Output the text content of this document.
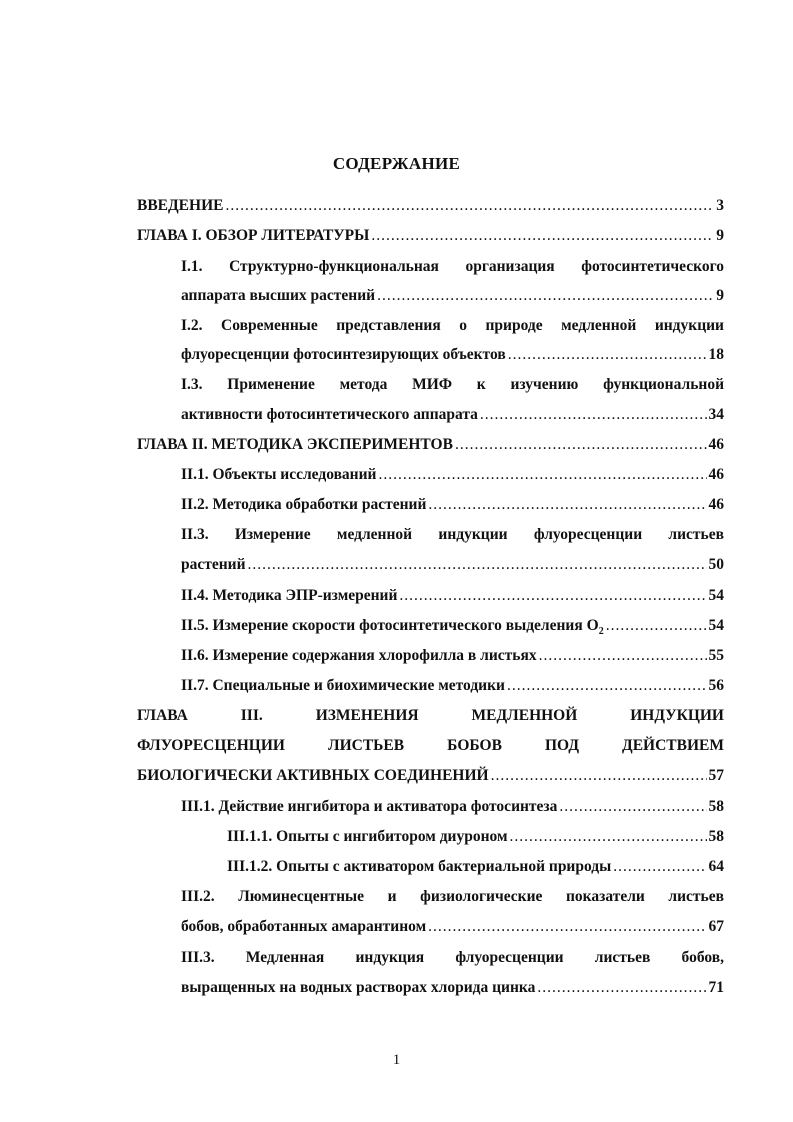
СОДЕРЖАНИЕ
ВВЕДЕНИЕ .....	3
ГЛАВА I. ОБЗОР ЛИТЕРАТУРЫ .....	9
I.1. Структурно-функциональная организация фотосинтетического
аппарата высших растений .....	9
I.2. Современные представления о природе медленной индукции
флуоресценции фотосинтезирующих объектов .....	18
I.3. Применение метода МИФ к изучению функциональной
активности фотосинтетического аппарата .....	34
ГЛАВА II. МЕТОДИКА ЭКСПЕРИМЕНТОВ .....	46
II.1. Объекты исследований .....	46
II.2. Методика обработки растений .....	46
II.3. Измерение медленной индукции флуоресценции листьев
растений .....	50
II.4. Методика ЭПР-измерений .....	54
II.5. Измерение скорости фотосинтетического выделения $O_2$ .....	54
II.6. Измерение содержания хлорофилла в листьях .....	55
II.7. Специальные и биохимические методики .....	56
ГЛАВА III. ИЗМЕНЕНИЯ МЕДЛЕННОЙ ИНДУКЦИИ
ФЛУОРЕСЦЕНЦИИ ЛИСТЬЕВ БОБОВ ПОД ДЕЙСТВИЕМ
БИОЛОГИЧЕСКИ АКТИВНЫХ СОЕДИНЕНИЙ .....	57
III.1. Действие ингибитора и активатора фотосинтеза .....	58
III.1.1. Опыты с ингибитором диуроном .....	58
III.1.2. Опыты с активатором бактериальной природы .....	64
III.2. Люминесцентные и физиологические показатели листьев
бобов, обработанных амарантином .....	67
III.3. Медленная индукция флуоресценции листьев бобов,
выращенных на водных растворах хлорида цинка .....	71
1
